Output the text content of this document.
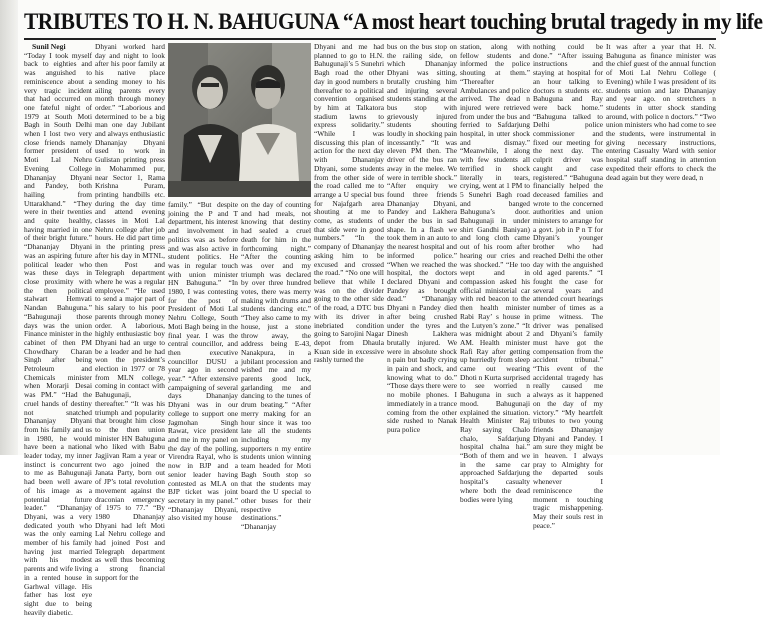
TRIBUTES TO H. N. BAHUGUNA “A most heart touching brutal tragedy in my life
Sunil Negi

“Today I took myself back to eighties and was anguished to reminiscence about a very tragic incident that had occurred on one fateful night of 1979 at South Moti Bagh in South Delhi when I lost two very close friends namely former president of Moti Lal Nehru Evening College Dhananjay Dhyani and Pandey, both hailing from Uttarakhand.” “They were in their twenties and quite healthy, having married in one of their bright future.” “Dhananjay Dhyani was an aspiring future political leader who was these days in close proximity with the then political stalwart Hemvati Nandan Bahuguna.” “Bahugunaji those days was the union Finance minister in the cabinet of then PM Chowdhary Charan Singh after being Petroleum and Chemicals minister when Morarji Desai was PM.” “Had the cruel hands of destiny not snatched Dhananjay Dhyani from his family and us in 1980, he would have been a national leader today, my inner instinct is concurrent to me as Bahugunaji had been well aware of his image as a potential future leader.” “Dhananjay Dhyani, was a very dedicated youth who was the only earning member of his family having just married with his modest parents and wife living in a rented house in Garhwal village. His father has lost eye sight due to being heavily diabetic.

Dhyani worked hard day and night to look after his poor family at his native place sending money to his ailing parents every month through money order.” “Laborious and determined to be a big man one day Jubilant and always enthusiastic Dhananjay Dhyani used to work in Gulistan printing press in Mohammed pur, near Sector 1, Rama Krishna Puram, printing handbills etc. during the day time and attend evening classes in Moti Lal Nehru college after job hours. He did part time in the printing press after his day in MTNL, then Post and Telegraph department where he was a regular employee.” “He used to send a major part of his salary to his poor parents through money order. A laborious, highly enthusiastic boy Dhyani had an urge to be a leader and he had won the president’s election in 1977 or 78 from MLN college, coming in contact with Bahugunaji, thereafter.” “It was his triumph and popularity that brought him close to the then union minister HN Bahuguna who liked with Babu Jagjivan Ram a year or two ago joined the Janata Party, born out of JP’s total revolution movement against the draconian emergency of 1975 to 77.” “By 1980 Dhananjay Dhyani had left Moti Lal Nehru college and had joined Post and Telegraph department as well thus becoming a strong financial support for the

family.” “But despite joining the P and T department, his interest and involvement in politics was as before and was also active in student politics. He was in regular touch with union minister HN Bahuguna.” “In 1980, I was contesting for the post of President of Moti Lal Nehru College, South Moti Bagh being in the final year. I was the central councillor, and then executive councillor DUSU a year ago in second year.” “After extensive campaigning of several days Dhananjay Dhyani was in our college to support one Jagmohan Singh Rawat, vice president and me in my panel on the day of the polling, Virendra Rayal, who is now in BJP and a senior leader having contested as MLA on BJP ticket was joint secretary in my panel.” “Dhananjay Dhyani, also visited my house

on the day of counting and had meals, not knowing that destiny had sealed a cruel death for him in the forthcoming night.” “After the counting was over and my triumph was declared by over three hundred votes, there was merry making with drums and students dancing etc.” “They also came to my house, just a stone throw away, the address being E-43, Nanakpura, in a jubilant procession and wished me and my parents good luck, garlanding me and dancing to the tunes of drum beating.” “After merry making for an hour since it was too late all the students including my supporters n my entire students union winning team headed for Moti Bagh South stop so that the students may board the U special to other buses for their respective destinations.” “Dhananjay

Dhyani and me had planned to go to H.N. Bahugunaji’s 5 Sunehri Bagh road the other day in good numbers n thereafter to a political convention organised by him at Talkatora stadium lawns to express solidarity.” “While I was discussing this plan of action for the next day with Dhananjay Dhyani, some students from the other side of the road called me to arrange a U special bus for Najafgarh area shouting at me to come, as students of that side were in good numbers.” “In the company of Dhananjay asking him to be excused and crossed the road.” “No one will believe that while I was on the divider going to the other side of the road, a DTC bus with its driver in inebriated condition going to Sarojini Nagar depot from Dhaula Kuan side in excessive rashly turned the

bus on the bus stop on the railing side, on which Dhananjay Dhyani was sitting, brutally crushing him and injuring several students standing at the bus stop with grievously injured students shouting loudly in shocking pain incessantly.” “It was eleven PM then. The driver of the bus ran away in the melee. We were in terrible shock.” “After enquiry we found three friends Dhananjay Dhyani, Pandey and Lakhera under the bus in sad shape. In a flash we took them in an auto to the nearest hospital and informed police.” “When we reached the hospital, the doctors declared Dhyani and Pandey as brought dead.” “Dhananjay Dhyani n Pandey died after being crushed under the tyres and Dinesh Lakhera brutally injured. We were in absolute shock n pain but badly crying in pain and shock, and knowing what to do.” “Those days there were no mobile phones. I immediately in a trance coming from the other side rushed to Nanak pura police

station, along with fellow students and informed the police shouting at them.” “Thereafter Ambulances and police arrived. The dead n injured were retrieved from under the bus and ferried to Safdarjung hospital, in utter shock and dismay.” “Meanwhile, I along with few students all terrified in shock literally in tears, crying, went at 1 PM to 5 Sunehri Bagh road and banged Bahuguna’s door. Bahugunaji in under shirt Gandhi Baniyan) and long cloth came out of his room after hearing our cries and was shocked.” “He too wept and in compassion asked his official ministerial car with red beacon to the then health minister Rabi Ray’ s house in the Lutyen’s zone.” “It was midnight about 2 AM. Health minister Rafi Ray after getting up hurriedly from sleep came out wearing Dhoti n Kurta surprised to see worried n Bahuguna in such a mood. Bahugunaji explained the situation. Health Minister Raj Ray saying Chalo chalo, Safdarjung hospital chalna hai.” “Both of them and we in the same car approached Safdarjung hospital’s casualty where both the dead bodies were lying

nothing could be done.” “After issuing instructions and staying at hospital for an hour talking to doctors n students etc. Bahuguna and Ray were back home.” “Bahuguna talked to Delhi police commissioner and fixed our meeting for the next day. The culprit driver was caught and case registered.” “Bahuguna financially helped the deceased families and wrote to the concerned authorities and union ministers to arrange for a govt. job in P n T for Dhyani’s younger brother who had reached Delhi the other day with the anguished old aged parents.” “I fought the case for several years and attended court hearings number of times as a prime witness. The driver was penalised and Dhyani’s family must have got the compensation from the accident tribunal.” “This event of the accidental tragedy has really caused me always as it happened on the day of my victory.” “My heartfelt tributes to two young friends Dhananjay Dhyani and Pandey. I am sure they might be in heaven. I always pray to Almighty for the departed souls whenever I reminiscence the moment n touching tragic mishappening. May their souls rest in peace.”

It was after a year that H. N. Bahuguna as finance minister was the chief guest of the annual function of Moti Lal Nehru College ( Evening) while I was president of its students union and late Dhananjay and year ago. on stretchers n students in utter shock standing around, with police n doctors.” “Two union ministers who had come to see the students, were instrumental in giving necessary instructions, entering Casualty Ward with senior hospital staff standing in attention expedited their efforts to check the dead again but they were dead, n
